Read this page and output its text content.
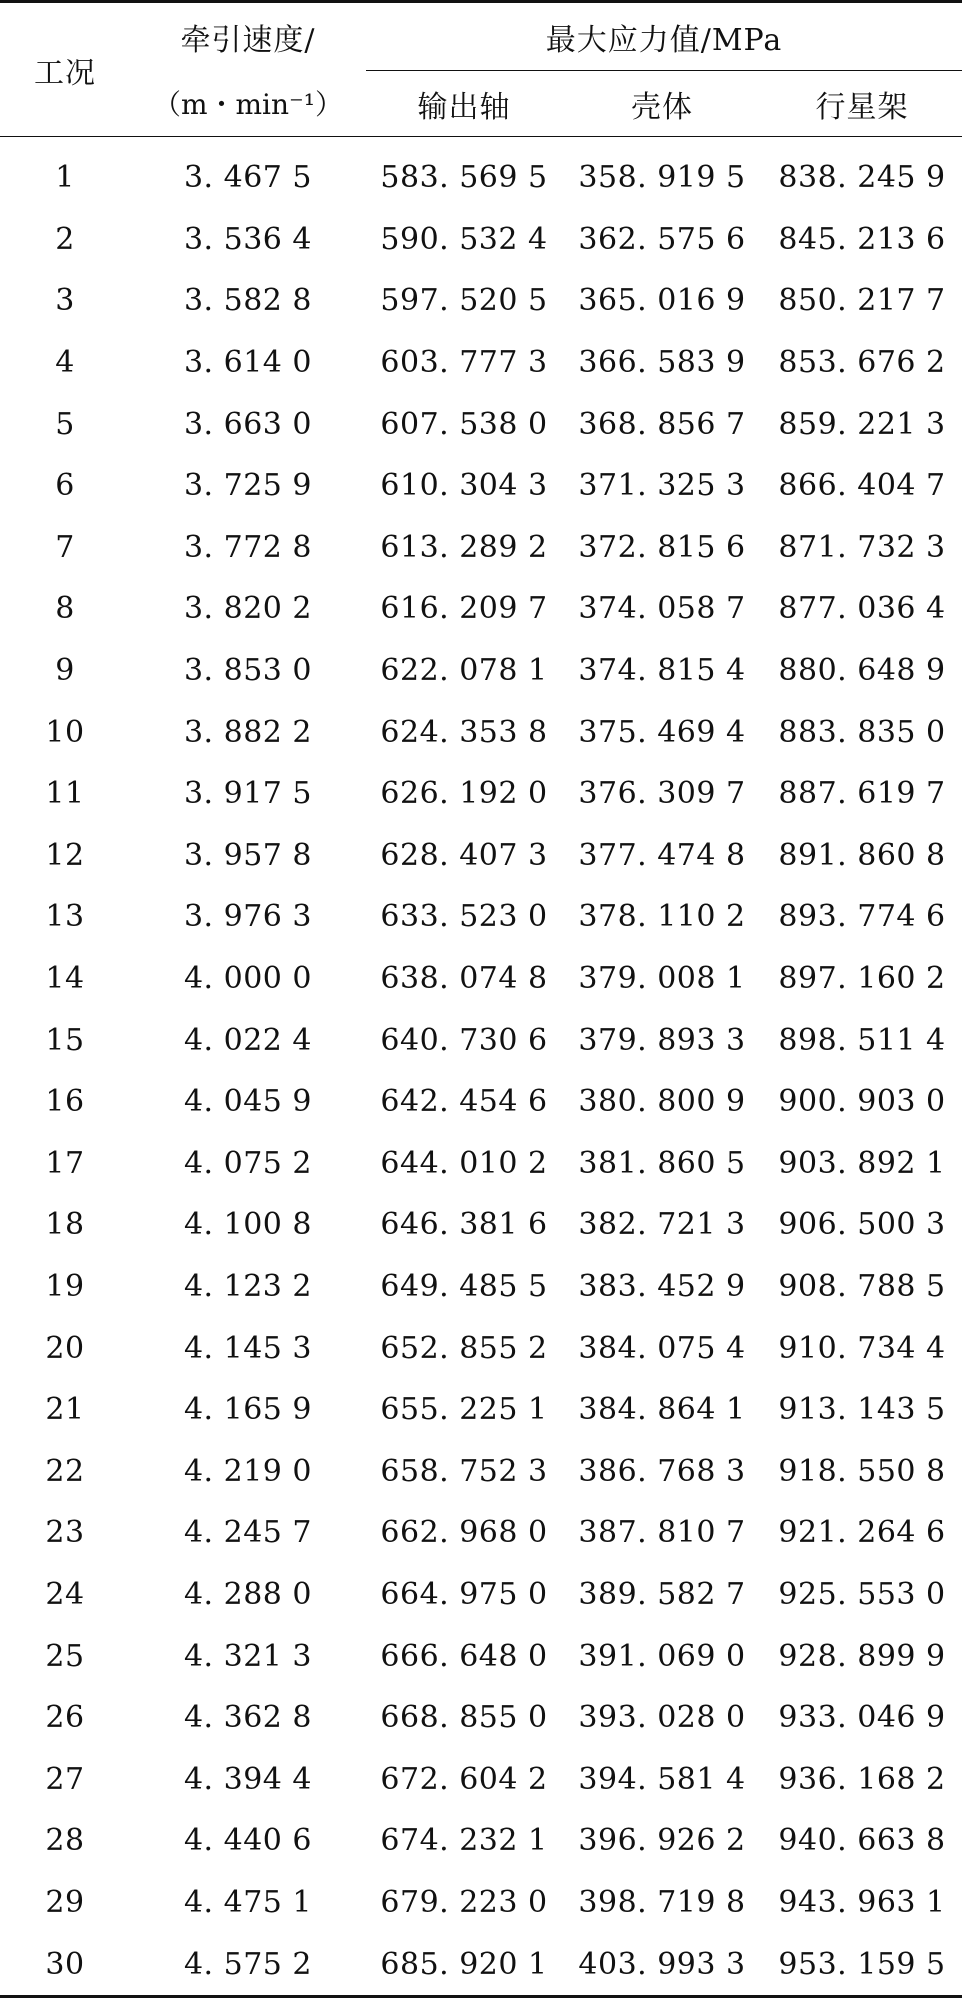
工况	牵引速度/	最大应力值/MPa		
	（m・min⁻¹）	输出轴	壳体	行星架
1	3. 467 5	583. 569 5	358. 919 5	838. 245 9
2	3. 536 4	590. 532 4	362. 575 6	845. 213 6
3	3. 582 8	597. 520 5	365. 016 9	850. 217 7
4	3. 614 0	603. 777 3	366. 583 9	853. 676 2
5	3. 663 0	607. 538 0	368. 856 7	859. 221 3
6	3. 725 9	610. 304 3	371. 325 3	866. 404 7
7	3. 772 8	613. 289 2	372. 815 6	871. 732 3
8	3. 820 2	616. 209 7	374. 058 7	877. 036 4
9	3. 853 0	622. 078 1	374. 815 4	880. 648 9
10	3. 882 2	624. 353 8	375. 469 4	883. 835 0
11	3. 917 5	626. 192 0	376. 309 7	887. 619 7
12	3. 957 8	628. 407 3	377. 474 8	891. 860 8
13	3. 976 3	633. 523 0	378. 110 2	893. 774 6
14	4. 000 0	638. 074 8	379. 008 1	897. 160 2
15	4. 022 4	640. 730 6	379. 893 3	898. 511 4
16	4. 045 9	642. 454 6	380. 800 9	900. 903 0
17	4. 075 2	644. 010 2	381. 860 5	903. 892 1
18	4. 100 8	646. 381 6	382. 721 3	906. 500 3
19	4. 123 2	649. 485 5	383. 452 9	908. 788 5
20	4. 145 3	652. 855 2	384. 075 4	910. 734 4
21	4. 165 9	655. 225 1	384. 864 1	913. 143 5
22	4. 219 0	658. 752 3	386. 768 3	918. 550 8
23	4. 245 7	662. 968 0	387. 810 7	921. 264 6
24	4. 288 0	664. 975 0	389. 582 7	925. 553 0
25	4. 321 3	666. 648 0	391. 069 0	928. 899 9
26	4. 362 8	668. 855 0	393. 028 0	933. 046 9
27	4. 394 4	672. 604 2	394. 581 4	936. 168 2
28	4. 440 6	674. 232 1	396. 926 2	940. 663 8
29	4. 475 1	679. 223 0	398. 719 8	943. 963 1
30	4. 575 2	685. 920 1	403. 993 3	953. 159 5
